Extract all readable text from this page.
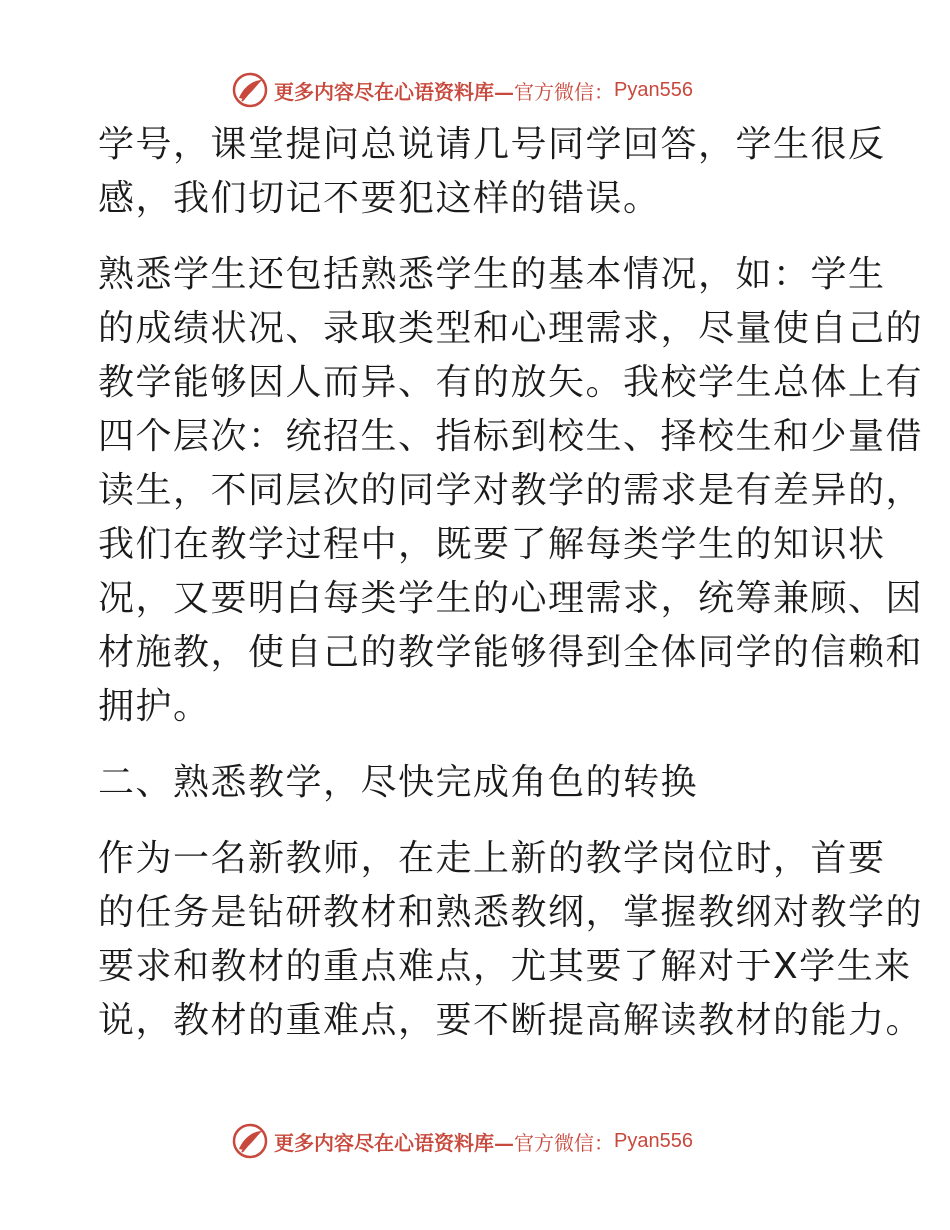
更多内容尽在心语资料库— 官方微信： Pyan556
学号，课堂提问总说请几号同学回答，学生很反
感，我们切记不要犯这样的错误。
熟悉学生还包括熟悉学生的基本情况，如：学生
的成绩状况、录取类型和心理需求，尽量使自己的
教学能够因人而异、有的放矢。我校学生总体上有
四个层次：统招生、指标到校生、择校生和少量借
读生，不同层次的同学对教学的需求是有差异的，
我们在教学过程中，既要了解每类学生的知识状
况，又要明白每类学生的心理需求，统筹兼顾、因
材施教，使自己的教学能够得到全体同学的信赖和
拥护。
二、熟悉教学，尽快完成角色的转换
作为一名新教师，在走上新的教学岗位时，首要
的任务是钻研教材和熟悉教纲，掌握教纲对教学的
要求和教材的重点难点，尤其要了解对于X学生来
说，教材的重难点，要不断提高解读教材的能力。
更多内容尽在心语资料库— 官方微信： Pyan556
